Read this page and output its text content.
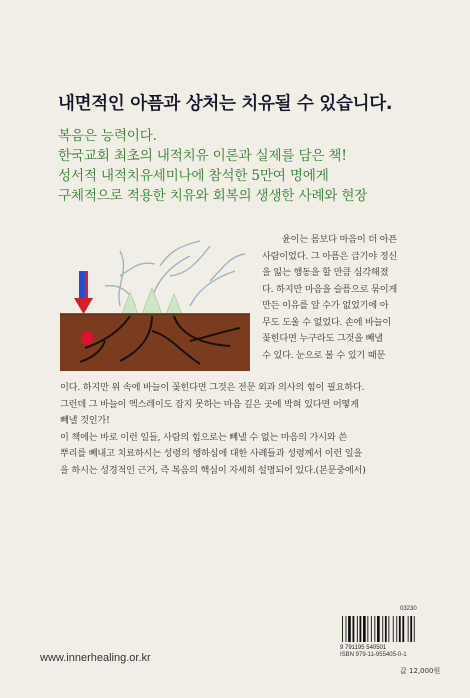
내면적인 아픔과 상처는 치유될 수 있습니다.
복음은 능력이다.
한국교회 최초의 내적치유 이론과 실제를 담은 책!
성서적 내적치유세미나에 참석한 5만여 명에게
구체적으로 적용한 치유와 회복의 생생한 사례와 현장
윤이는 몸보다 마음이 더 아픈
사람이었다. 그 아픔은 급기야 정신
을 잃는 행동을 할 만큼 심각해졌
다. 하지만 마음을 슬픔으로 묶이게
만든 이유를 알 수가 없었기에 아
무도 도울 수 없었다. 손에 바늘이
꽂힌다면 누구라도 그것을 빼낼
수 있다. 눈으로 볼 수 있기 때문
이다. 하지만 위 속에 바늘이 꽂힌다면 그것은 전문 외과 의사의 힘이 필요하다.
그런데 그 바늘이 엑스레이도 잡지 못하는 마음 깊은 곳에 박혀 있다면 어떻게
빼낼 것인가!
이 책에는 바로 이런 일들, 사람의 힘으로는 빼낼 수 없는 마음의 가시와 쓴
뿌리를 빼내고 치료하시는 성령의 행하심에 대한 사례들과 성령께서 이런 일을
을 하시는 성경적인 근거, 즉 복음의 핵심이 자세히 설명되어 있다.(본문중에서)
03230
9 791195 540501
ISBN 979-11-955405-0-1
값 12,000원
www.innerhealing.or.kr
